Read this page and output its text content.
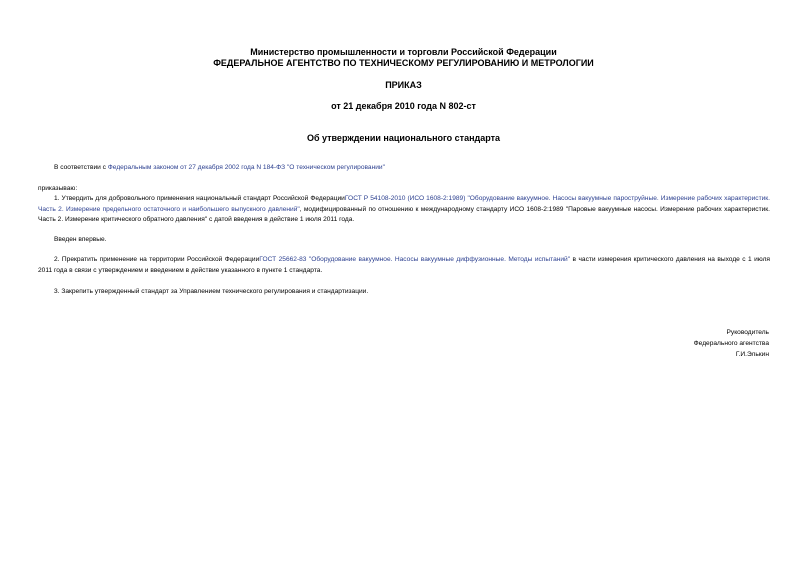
Министерство промышленности и торговли Российской Федерации
ФЕДЕРАЛЬНОЕ АГЕНТСТВО ПО ТЕХНИЧЕСКОМУ РЕГУЛИРОВАНИЮ И МЕТРОЛОГИИ
ПРИКАЗ
от 21 декабря 2010 года N 802-ст
Об утверждении национального стандарта
В соответствии с Федеральным законом от 27 декабря 2002 года N 184-ФЗ "О техническом регулировании"
приказываю:
1. Утвердить для добровольного применения национальный стандарт Российской ФедерацииГОСТ Р 54108-2010 (ИСО 1608-2:1989) "Оборудование вакуумное. Насосы вакуумные пароструйные. Измерение рабочих характеристик. Часть 2. Измерение предельного остаточного и наибольшего выпускного давлений", модифицированный по отношению к международному стандарту ИСО 1608-2:1989 "Паровые вакуумные насосы. Измерение рабочих характеристик. Часть 2. Измерение критического обратного давления" с датой введения в действие 1 июля 2011 года.
Введен впервые.
2. Прекратить применение на территории Российской ФедерацииГОСТ 25662-83 "Оборудование вакуумное. Насосы вакуумные диффузионные. Методы испытаний" в части измерения критического давления на выходе с 1 июля 2011 года в связи с утверждением и введением в действие указанного в пункте 1 стандарта.
3. Закрепить утвержденный стандарт за Управлением технического регулирования и стандартизации.
Руководитель
Федерального агентства
Г.И.Элькин
